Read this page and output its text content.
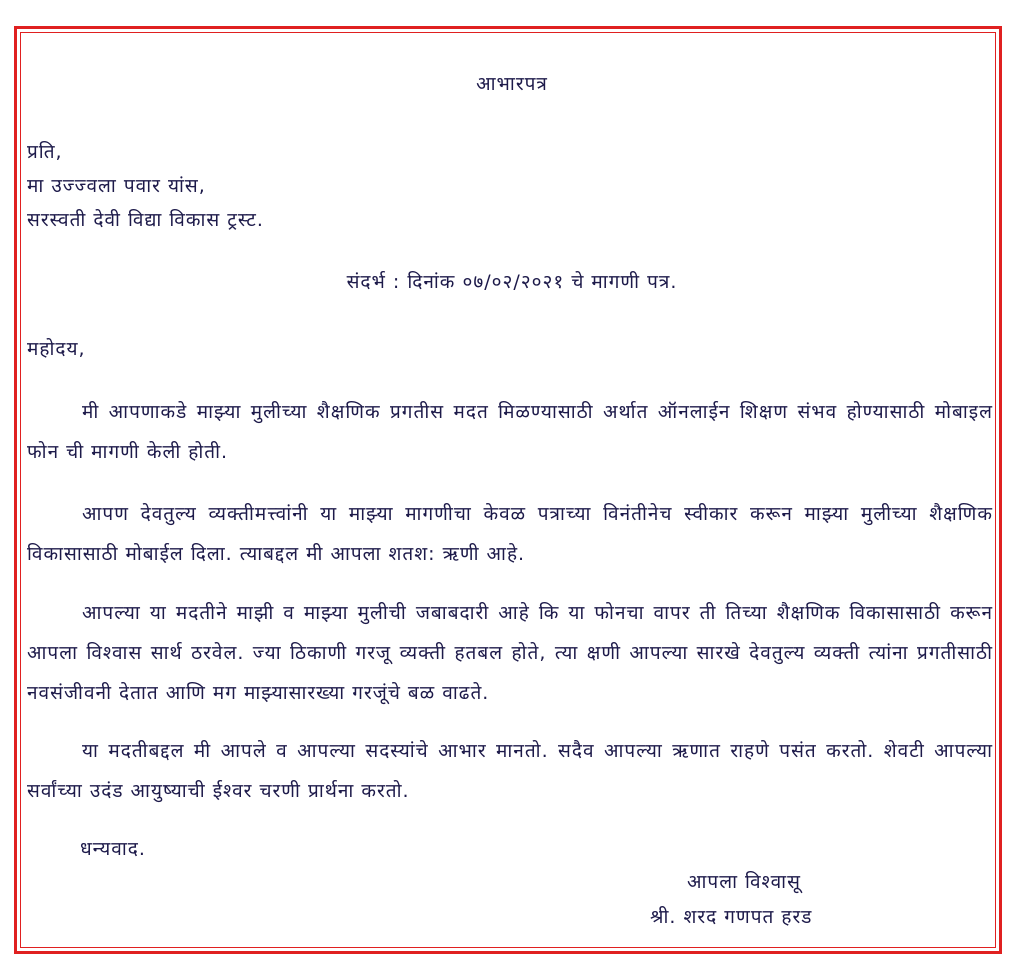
आभारपत्र
प्रति,
मा उज्ज्वला पवार यांस,
सरस्वती देवी विद्या विकास ट्रस्ट.
संदर्भ : दिनांक ०७/०२/२०२१ चे मागणी पत्र.
महोदय,
मी आपणाकडे माझ्या मुलीच्या शैक्षणिक प्रगतीस मदत मिळण्यासाठी अर्थात ऑनलाईन शिक्षण संभव होण्यासाठी मोबाइल फोन ची मागणी केली होती.
आपण देवतुल्य व्यक्तीमत्त्वांनी या माझ्या मागणीचा केवळ पत्राच्या विनंतीनेच स्वीकार करून माझ्या मुलीच्या शैक्षणिक विकासासाठी मोबाईल दिला. त्याबद्दल मी आपला शतश: ऋणी आहे.
आपल्या या मदतीने माझी व माझ्या मुलीची जबाबदारी आहे कि या फोनचा वापर ती तिच्या शैक्षणिक विकासासाठी करून आपला विश्वास सार्थ ठरवेल. ज्या ठिकाणी गरजू व्यक्ती हतबल होते, त्या क्षणी आपल्या सारखे देवतुल्य व्यक्ती त्यांना प्रगतीसाठी नवसंजीवनी देतात आणि मग माझ्यासारख्या गरजूंचे बळ वाढते.
या मदतीबद्दल मी आपले व आपल्या सदस्यांचे आभार मानतो. सदैव आपल्या ऋणात राहणे पसंत करतो. शेवटी आपल्या सर्वांच्या उदंड आयुष्याची ईश्वर चरणी प्रार्थना करतो.
धन्यवाद.
आपला विश्वासू
श्री. शरद गणपत हरड
